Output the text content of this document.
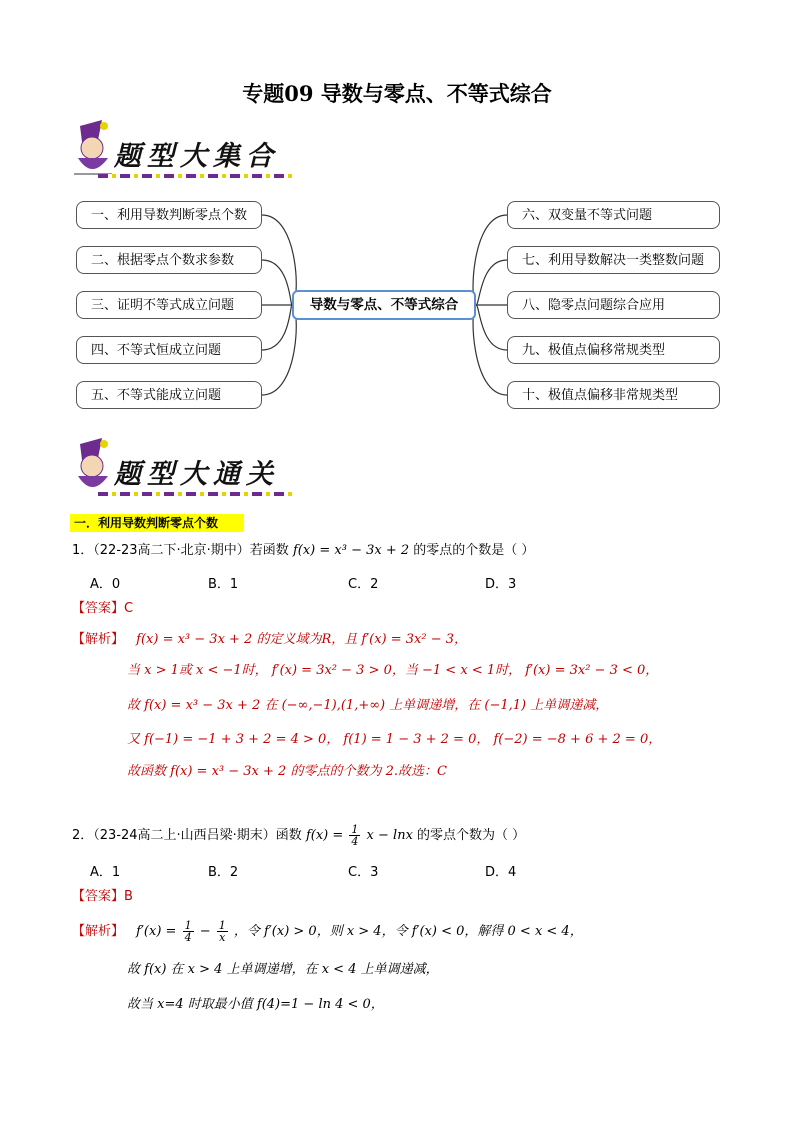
专题09 导数与零点、不等式综合
题型大集合
一、利用导数判断零点个数
二、根据零点个数求参数
三、证明不等式成立问题
四、不等式恒成立问题
五、不等式能成立问题
导数与零点、不等式综合
六、双变量不等式问题
七、利用导数解决一类整数问题
八、隐零点问题综合应用
九、极值点偏移常规类型
十、极值点偏移非常规类型
题型大通关
一．利用导数判断零点个数
1．（22-23高二下·北京·期中）若函数 f(x) = x³ − 3x + 2 的零点的个数是（ ）
A．0	B．1	C．2	D．3
【答案】C
【解析】 f(x) = x³ − 3x + 2 的定义域为R，且 f′(x) = 3x² − 3，
当 x > 1或 x < −1时， f′(x) = 3x² − 3 > 0，当 −1 < x < 1时， f′(x) = 3x² − 3 < 0，
故 f(x) = x³ − 3x + 2 在 (−∞,−1),(1,+∞) 上单调递增，在 (−1,1) 上单调递减，
又 f(−1) = −1 + 3 + 2 = 4 > 0， f(1) = 1 − 3 + 2 = 0， f(−2) = −8 + 6 + 2 = 0，
故函数 f(x) = x³ − 3x + 2 的零点的个数为 2.故选：C
2．（23-24高二上·山西吕梁·期末）函数 $f(x) = \frac{1}{4}$ x − lnx 的零点个数为（ ）
A．1	B．2	C．3	D．4
【答案】B
【解析】 $f'(x) = \frac{1}{4} - \frac{1}{x}$ ，令 f′(x) > 0，则 x > 4，令 f′(x) < 0，解得 0 < x < 4，
故 f(x) 在 x > 4 上单调递增，在 x < 4 上单调递减，
故当 x=4 时取最小值 f(4)=1 − ln 4 < 0，
